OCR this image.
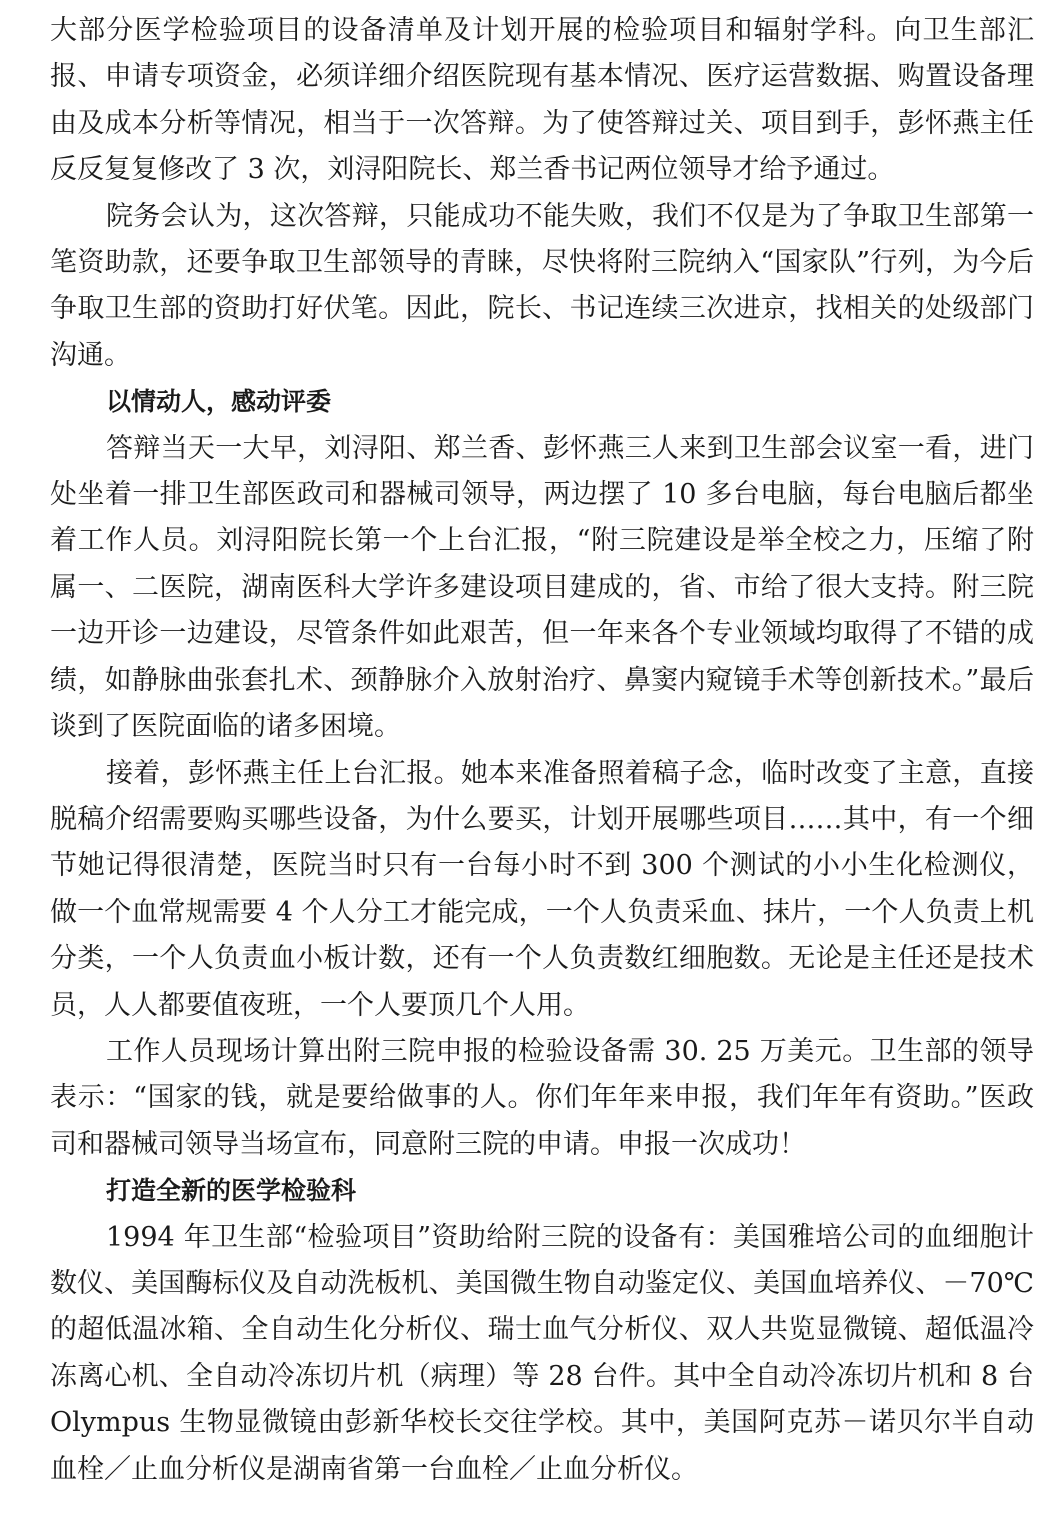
大部分医学检验项目的设备清单及计划开展的检验项目和辐射学科。向卫生部汇报、申请专项资金，必须详细介绍医院现有基本情况、医疗运营数据、购置设备理由及成本分析等情况，相当于一次答辩。为了使答辩过关、项目到手，彭怀燕主任反反复复修改了 3 次，刘浔阳院长、郑兰香书记两位领导才给予通过。

院务会认为，这次答辩，只能成功不能失败，我们不仅是为了争取卫生部第一笔资助款，还要争取卫生部领导的青睐，尽快将附三院纳入“国家队”行列，为今后争取卫生部的资助打好伏笔。因此，院长、书记连续三次进京，找相关的处级部门沟通。

以情动人，感动评委

答辩当天一大早，刘浔阳、郑兰香、彭怀燕三人来到卫生部会议室一看，进门处坐着一排卫生部医政司和器械司领导，两边摆了 10 多台电脑，每台电脑后都坐着工作人员。刘浔阳院长第一个上台汇报，“附三院建设是举全校之力，压缩了附属一、二医院，湖南医科大学许多建设项目建成的，省、市给了很大支持。附三院一边开诊一边建设，尽管条件如此艰苦，但一年来各个专业领域均取得了不错的成绩，如静脉曲张套扎术、颈静脉介入放射治疗、鼻窦内窥镜手术等创新技术。”最后谈到了医院面临的诸多困境。

接着，彭怀燕主任上台汇报。她本来准备照着稿子念，临时改变了主意，直接脱稿介绍需要购买哪些设备，为什么要买，计划开展哪些项目……其中，有一个细节她记得很清楚，医院当时只有一台每小时不到 300 个测试的小小生化检测仪，做一个血常规需要 4 个人分工才能完成，一个人负责采血、抹片，一个人负责上机分类，一个人负责血小板计数，还有一个人负责数红细胞数。无论是主任还是技术员，人人都要值夜班，一个人要顶几个人用。

工作人员现场计算出附三院申报的检验设备需 30. 25 万美元。卫生部的领导表示：“国家的钱，就是要给做事的人。你们年年来申报，我们年年有资助。”医政司和器械司领导当场宣布，同意附三院的申请。申报一次成功！

打造全新的医学检验科

1994 年卫生部“检验项目”资助给附三院的设备有：美国雅培公司的血细胞计数仪、美国酶标仪及自动洗板机、美国微生物自动鉴定仪、美国血培养仪、－70℃ 的超低温冰箱、全自动生化分析仪、瑞士血气分析仪、双人共览显微镜、超低温冷冻离心机、全自动冷冻切片机（病理）等 28 台件。其中全自动冷冻切片机和 8 台 Olympus 生物显微镜由彭新华校长交往学校。其中，美国阿克苏－诺贝尔半自动血栓／止血分析仪是湖南省第一台血栓／止血分析仪。
